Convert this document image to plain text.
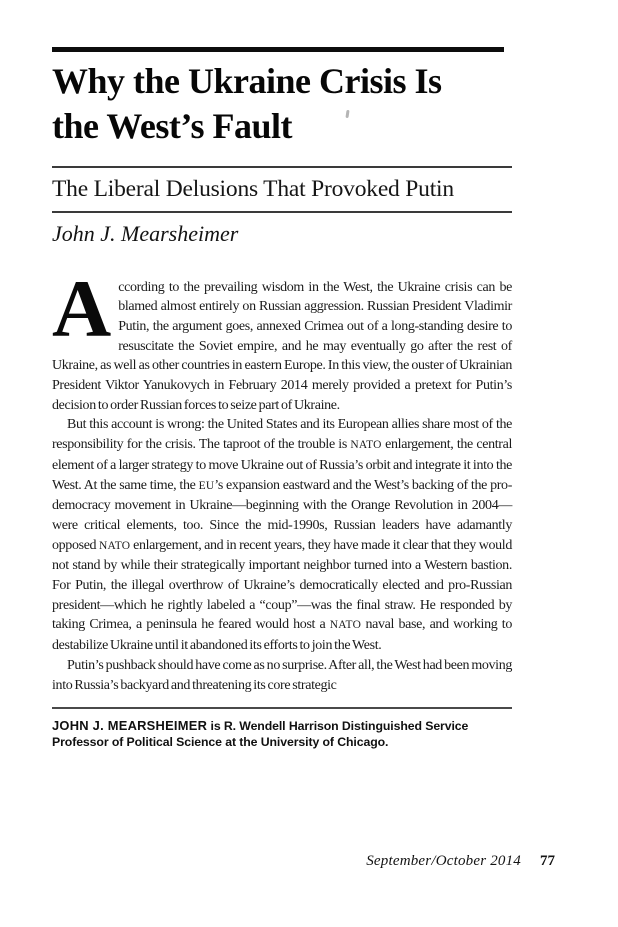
Why the Ukraine Crisis Is
the West’s Fault
The Liberal Delusions That Provoked Putin
John J. Mearsheimer

According to the prevailing wisdom in the West, the Ukraine crisis can be blamed almost entirely on Russian aggression. Russian President Vladimir Putin, the argument goes, annexed Crimea out of a long-standing desire to resuscitate the Soviet empire, and he may eventually go after the rest of Ukraine, as well as other countries in eastern Europe. In this view, the ouster of Ukrainian President Viktor Yanukovych in February 2014 merely provided a pretext for Putin’s decision to order Russian forces to seize part of Ukraine.

But this account is wrong: the United States and its European allies share most of the responsibility for the crisis. The taproot of the trouble is NATO enlargement, the central element of a larger strategy to move Ukraine out of Russia’s orbit and integrate it into the West. At the same time, the EU’s expansion eastward and the West’s backing of the pro-democracy movement in Ukraine—beginning with the Orange Revolution in 2004—were critical elements, too. Since the mid-1990s, Russian leaders have adamantly opposed NATO enlargement, and in recent years, they have made it clear that they would not stand by while their strategically important neighbor turned into a Western bastion. For Putin, the illegal overthrow of Ukraine’s democratically elected and pro-Russian president—which he rightly labeled a “coup”—was the final straw. He responded by taking Crimea, a peninsula he feared would host a NATO naval base, and working to destabilize Ukraine until it abandoned its efforts to join the West.

Putin’s pushback should have come as no surprise. After all, the West had been moving into Russia’s backyard and threatening its core strategic

JOHN J. MEARSHEIMER is R. Wendell Harrison Distinguished Service Professor of Political Science at the University of Chicago.

September/October 2014 77
